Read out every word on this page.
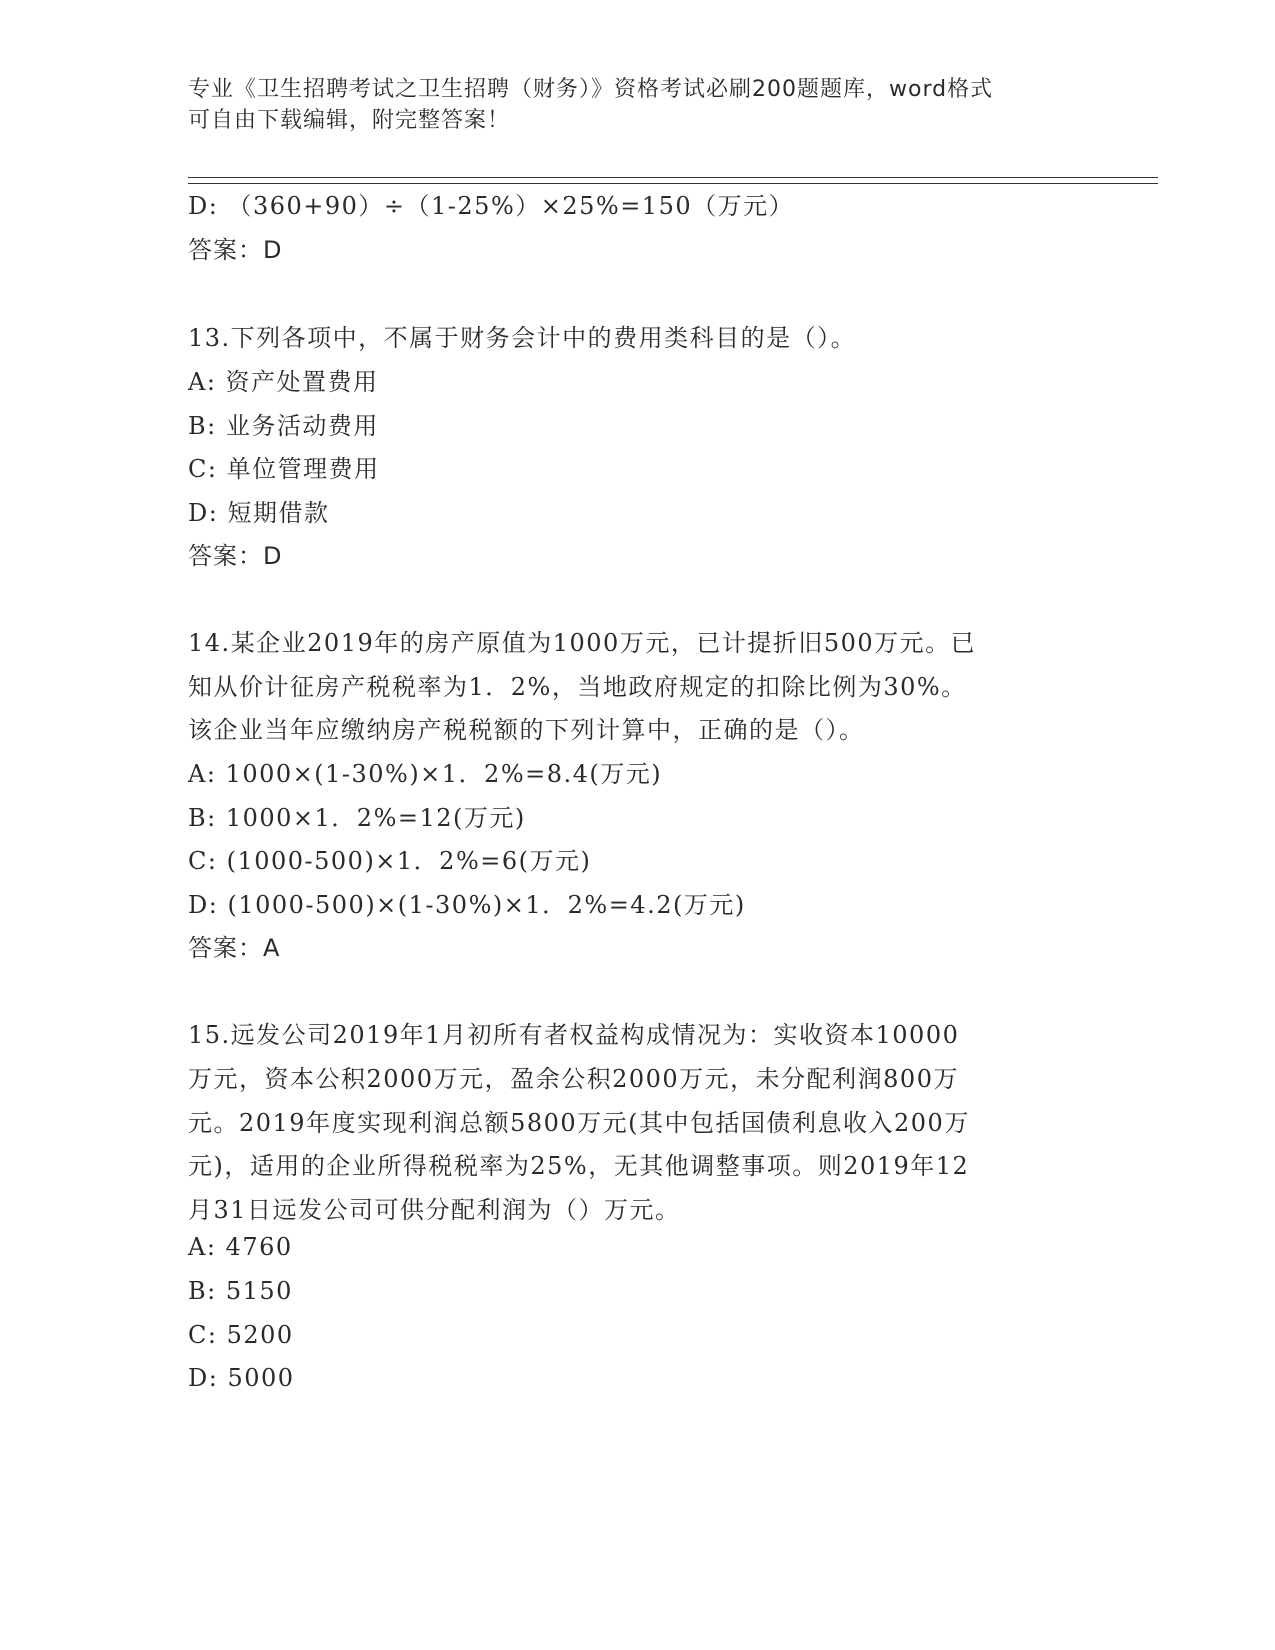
专业《卫生招聘考试之卫生招聘（财务）》资格考试必刷200题题库，word格式
可自由下载编辑，附完整答案！
D: （360+90）÷（1-25%）×25%=150（万元）
答案：D
13.下列各项中，不属于财务会计中的费用类科目的是（）。
A: 资产处置费用
B: 业务活动费用
C: 单位管理费用
D: 短期借款
答案：D
14.某企业2019年的房产原值为1000万元，已计提折旧500万元。已
知从价计征房产税税率为1．2%，当地政府规定的扣除比例为30%。
该企业当年应缴纳房产税税额的下列计算中，正确的是（）。
A: 1000×(1-30%)×1．2%=8.4(万元)
B: 1000×1．2%=12(万元)
C: (1000-500)×1．2%=6(万元)
D: (1000-500)×(1-30%)×1．2%=4.2(万元)
答案：A
15.远发公司2019年1月初所有者权益构成情况为：实收资本10000
万元，资本公积2000万元，盈余公积2000万元，未分配利润800万
元。2019年度实现利润总额5800万元(其中包括国债利息收入200万
元)，适用的企业所得税税率为25%，无其他调整事项。则2019年12
月31日远发公司可供分配利润为（）万元。
A: 4760
B: 5150
C: 5200
D: 5000
